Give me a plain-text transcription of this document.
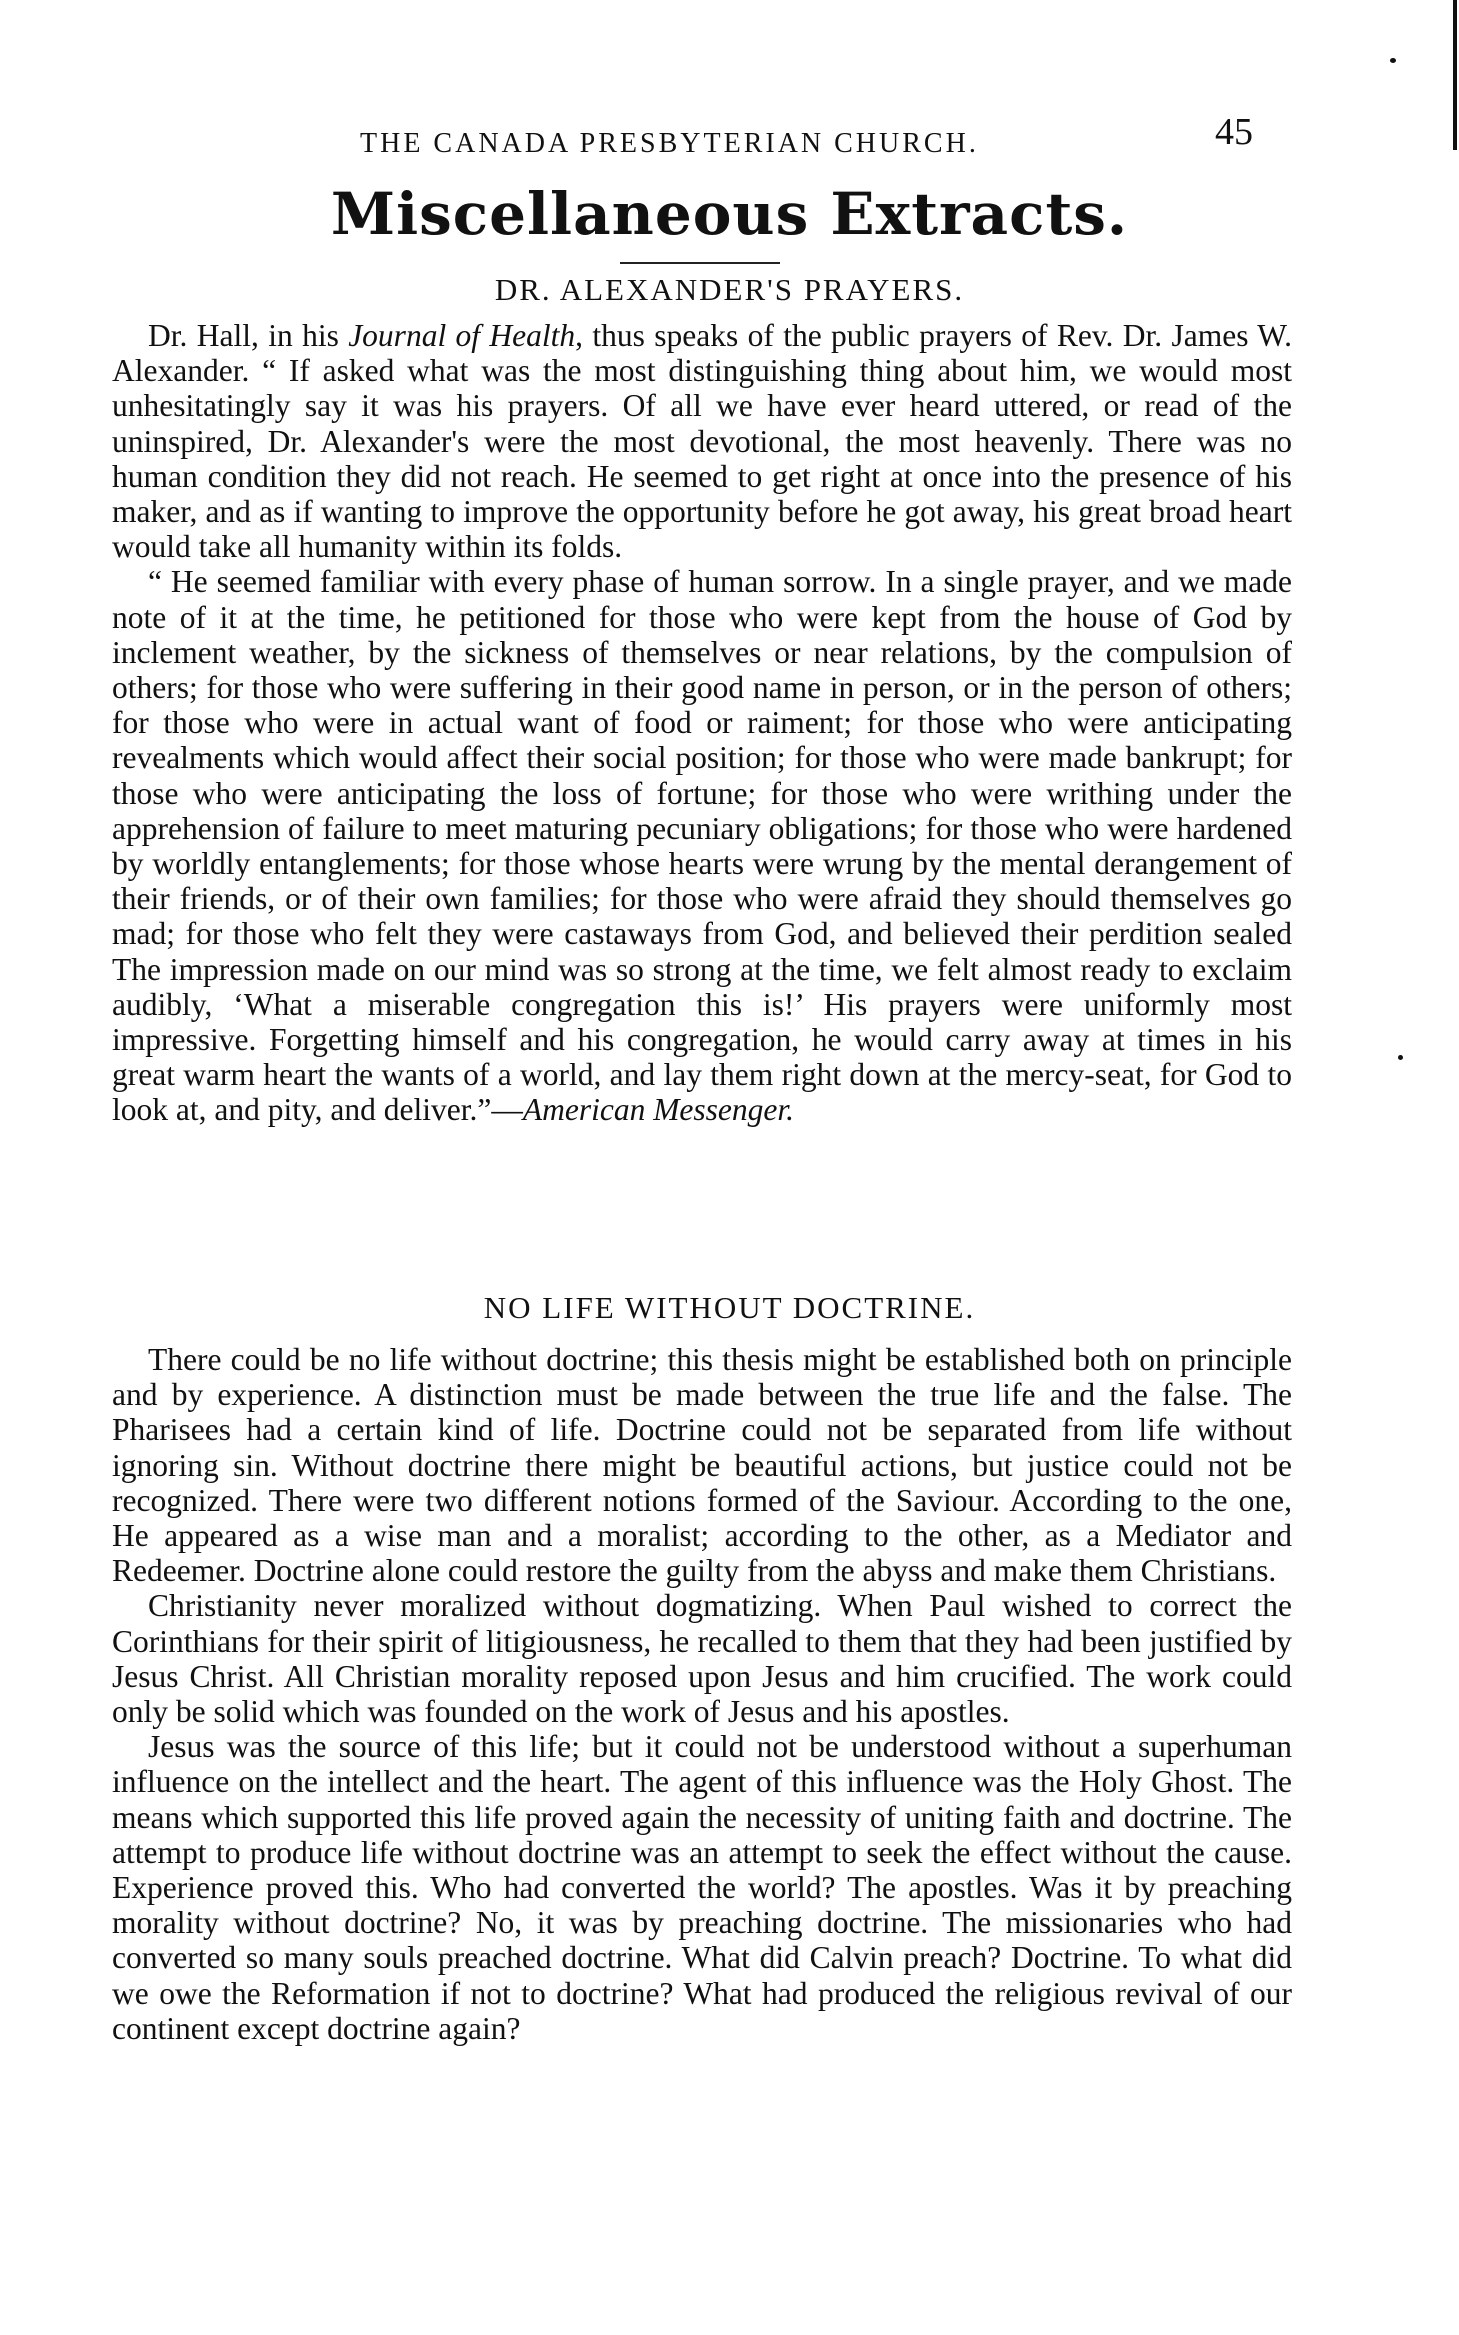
THE CANADA PRESBYTERIAN CHURCH.	45
Miscellaneous Extracts.
DR. ALEXANDER'S PRAYERS.

Dr. Hall, in his Journal of Health, thus speaks of the public prayers of Rev. Dr. James W. Alexander. “ If asked what was the most distinguishing thing about him, we would most unhesitatingly say it was his prayers. Of all we have ever heard uttered, or read of the uninspired, Dr. Alexander's were the most devotional, the most heavenly. There was no human condition they did not reach. He seemed to get right at once into the presence of his maker, and as if wanting to improve the opportunity before he got away, his great broad heart would take all humanity within its folds.

“ He seemed familiar with every phase of human sorrow. In a single prayer, and we made note of it at the time, he petitioned for those who were kept from the house of God by inclement weather, by the sickness of themselves or near relations, by the compulsion of others; for those who were suffering in their good name in person, or in the person of others; for those who were in actual want of food or raiment; for those who were anticipating revealments which would affect their social position; for those who were made bankrupt; for those who were anticipating the loss of fortune; for those who were writhing under the apprehension of failure to meet maturing pecuniary obligations; for those who were hardened by worldly entanglements; for those whose hearts were wrung by the mental derangement of their friends, or of their own families; for those who were afraid they should themselves go mad; for those who felt they were castaways from God, and believed their perdition sealed The impression made on our mind was so strong at the time, we felt almost ready to exclaim audibly, ‘What a miserable congregation this is!’ His prayers were uniformly most impressive. Forgetting himself and his congregation, he would carry away at times in his great warm heart the wants of a world, and lay them right down at the mercy-seat, for God to look at, and pity, and deliver.”—American Messenger.

NO LIFE WITHOUT DOCTRINE.

There could be no life without doctrine; this thesis might be established both on principle and by experience. A distinction must be made between the true life and the false. The Pharisees had a certain kind of life. Doctrine could not be separated from life without ignoring sin. Without doctrine there might be beautiful actions, but justice could not be recognized. There were two different notions formed of the Saviour. According to the one, He appeared as a wise man and a moralist; according to the other, as a Mediator and Redeemer. Doctrine alone could restore the guilty from the abyss and make them Christians.

Christianity never moralized without dogmatizing. When Paul wished to correct the Corinthians for their spirit of litigiousness, he recalled to them that they had been justified by Jesus Christ. All Christian morality reposed upon Jesus and him crucified. The work could only be solid which was founded on the work of Jesus and his apostles.

Jesus was the source of this life; but it could not be understood without a superhuman influence on the intellect and the heart. The agent of this influence was the Holy Ghost. The means which supported this life proved again the necessity of uniting faith and doctrine. The attempt to produce life without doctrine was an attempt to seek the effect without the cause. Experience proved this. Who had converted the world? The apostles. Was it by preaching morality without doctrine? No, it was by preaching doctrine. The missionaries who had converted so many souls preached doctrine. What did Calvin preach? Doctrine. To what did we owe the Reformation if not to doctrine? What had produced the religious revival of our continent except doctrine again?
